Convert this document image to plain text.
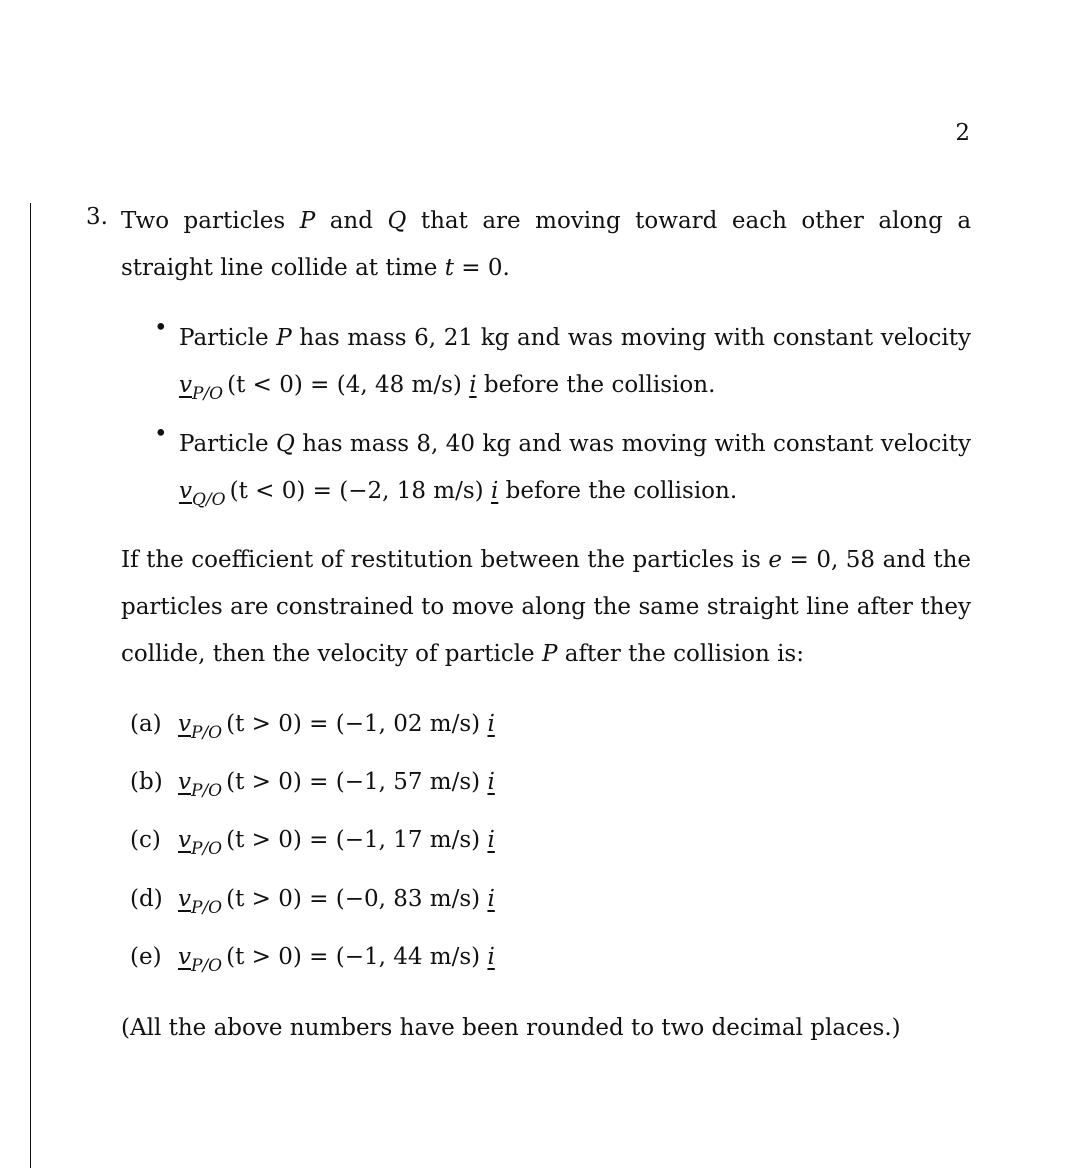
2
3. Two particles P and Q that are moving toward each other along a straight line collide at time t = 0.
• Particle P has mass 6, 21 kg and was moving with constant velocity $v_{P/O}$ (t < 0) = (4, 48 m/s) i before the collision.
• Particle Q has mass 8, 40 kg and was moving with constant velocity $v_{Q/O}$ (t < 0) = (−2, 18 m/s) i before the collision.
If the coefficient of restitution between the particles is e = 0, 58 and the particles are constrained to move along the same straight line after they collide, then the velocity of particle P after the collision is:
(a) $v_{P/O}$ (t > 0) = (−1, 02 m/s) i
(b) $v_{P/O}$ (t > 0) = (−1, 57 m/s) i
(c) $v_{P/O}$ (t > 0) = (−1, 17 m/s) i
(d) $v_{P/O}$ (t > 0) = (−0, 83 m/s) i
(e) $v_{P/O}$ (t > 0) = (−1, 44 m/s) i
(All the above numbers have been rounded to two decimal places.)
